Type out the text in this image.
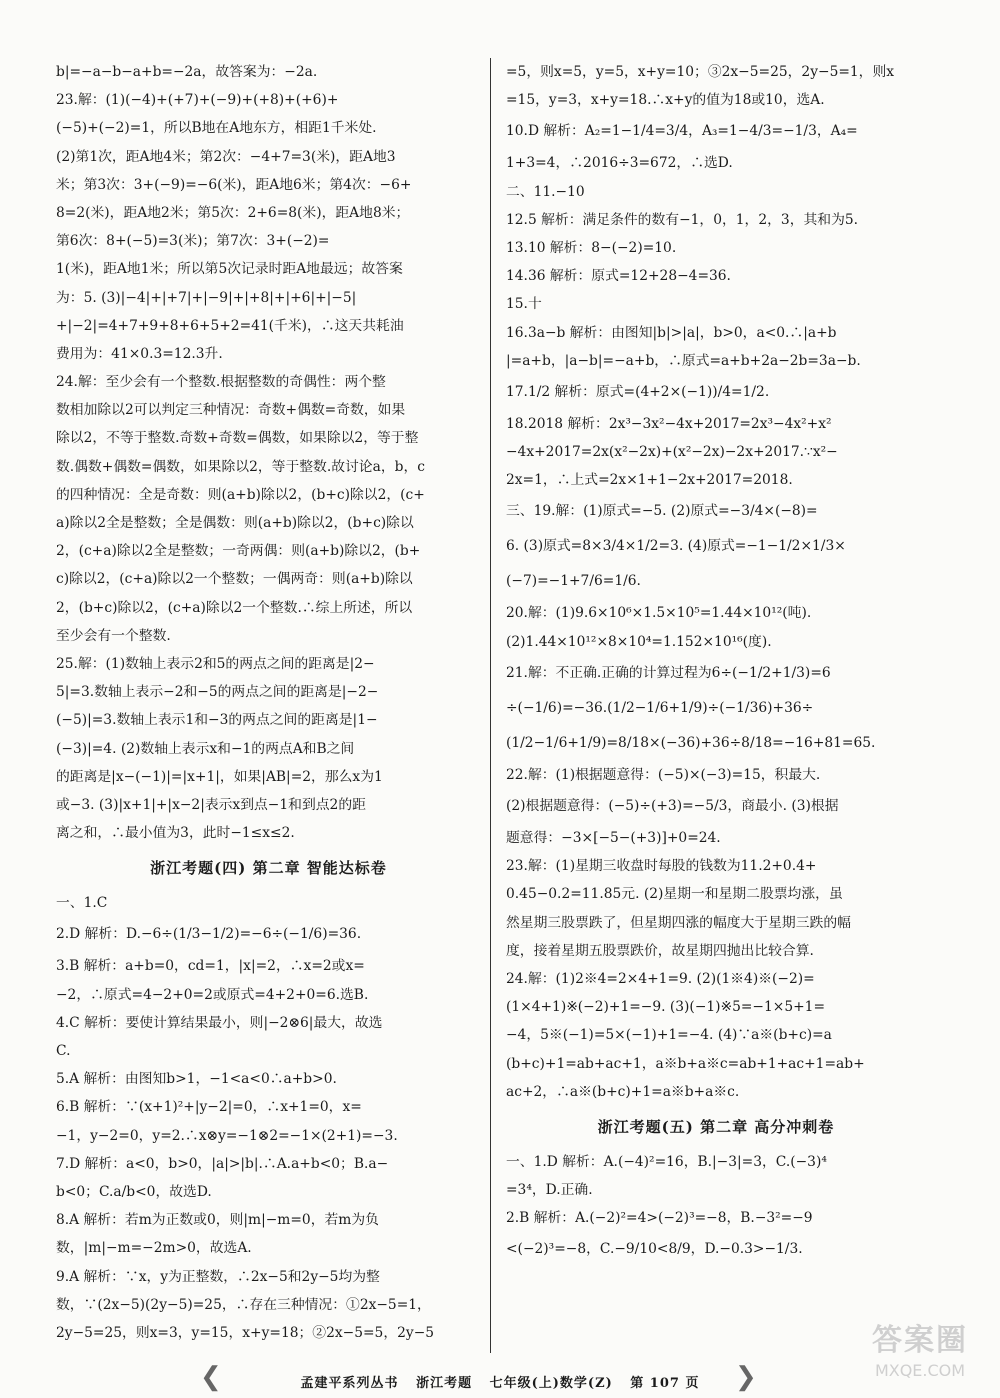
b|=−a−b−a+b=−2a，故答案为：−2a.
23.解：(1)(−4)+(+7)+(−9)+(+8)+(+6)+
(−5)+(−2)=1，所以B地在A地东方，相距1千米处.
(2)第1次，距A地4米；第2次：−4+7=3(米)，距A地3
米；第3次：3+(−9)=−6(米)，距A地6米；第4次：−6+
8=2(米)，距A地2米；第5次：2+6=8(米)，距A地8米；
第6次：8+(−5)=3(米)；第7次：3+(−2)=
1(米)，距A地1米；所以第5次记录时距A地最远；故答案
为：5. (3)|−4|+|+7|+|−9|+|+8|+|+6|+|−5|
+|−2|=4+7+9+8+6+5+2=41(千米)，∴这天共耗油
费用为：41×0.3=12.3升.
24.解：至少会有一个整数.根据整数的奇偶性：两个整
数相加除以2可以判定三种情况：奇数+偶数=奇数，如果
除以2，不等于整数.奇数+奇数=偶数，如果除以2，等于整
数.偶数+偶数=偶数，如果除以2，等于整数.故讨论a，b，c
的四种情况：全是奇数：则(a+b)除以2，(b+c)除以2，(c+
a)除以2全是整数；全是偶数：则(a+b)除以2，(b+c)除以
2，(c+a)除以2全是整数；一奇两偶：则(a+b)除以2，(b+
c)除以2，(c+a)除以2一个整数；一偶两奇：则(a+b)除以
2，(b+c)除以2，(c+a)除以2一个整数.∴综上所述，所以
至少会有一个整数.
25.解：(1)数轴上表示2和5的两点之间的距离是|2−
5|=3.数轴上表示−2和−5的两点之间的距离是|−2−
(−5)|=3.数轴上表示1和−3的两点之间的距离是|1−
(−3)|=4. (2)数轴上表示x和−1的两点A和B之间
的距离是|x−(−1)|=|x+1|，如果|AB|=2，那么x为1
或−3. (3)|x+1|+|x−2|表示x到点−1和到点2的距
离之和，∴最小值为3，此时−1≤x≤2.
浙江考题(四) 第二章 智能达标卷
一、1.C
2.D 解析：D.−6÷(1/3−1/2)=−6÷(−1/6)=36.
3.B 解析：a+b=0，cd=1，|x|=2，∴x=2或x=
−2，∴原式=4−2+0=2或原式=4+2+0=6.选B.
4.C 解析：要使计算结果最小，则|−2⊗6|最大，故选
C.
5.A 解析：由图知b>1，−1<a<0∴a+b>0.
6.B 解析：∵(x+1)²+|y−2|=0，∴x+1=0，x=
−1，y−2=0，y=2.∴x⊗y=−1⊗2=−1×(2+1)=−3.
7.D 解析：a<0，b>0，|a|>|b|.∴A.a+b<0；B.a−
b<0；C.a/b<0，故选D.
8.A 解析：若m为正数或0，则|m|−m=0，若m为负
数，|m|−m=−2m>0，故选A.
9.A 解析：∵x，y为正整数，∴2x−5和2y−5均为整
数，∵(2x−5)(2y−5)=25，∴存在三种情况：①2x−5=1，
2y−5=25，则x=3，y=15，x+y=18；②2x−5=5，2y−5
=5，则x=5，y=5，x+y=10；③2x−5=25，2y−5=1，则x
=15，y=3，x+y=18.∴x+y的值为18或10，选A.
10.D 解析：A₂=1−1/4=3/4，A₃=1−4/3=−1/3，A₄=
1+3=4，∴2016÷3=672，∴选D.
二、11.−10
12.5 解析：满足条件的数有−1，0，1，2，3，其和为5.
13.10 解析：8−(−2)=10.
14.36 解析：原式=12+28−4=36.
15.十
16.3a−b 解析：由图知|b|>|a|，b>0，a<0.∴|a+b
|=a+b，|a−b|=−a+b，∴原式=a+b+2a−2b=3a−b.
17.1/2 解析：原式=(4+2×(−1))/4=1/2.
18.2018 解析：2x³−3x²−4x+2017=2x³−4x²+x²
−4x+2017=2x(x²−2x)+(x²−2x)−2x+2017.∵x²−
2x=1，∴上式=2x×1+1−2x+2017=2018.
三、19.解：(1)原式=−5. (2)原式=−3/4×(−8)=
6. (3)原式=8×3/4×1/2=3. (4)原式=−1−1/2×1/3×
(−7)=−1+7/6=1/6.
20.解：(1)9.6×10⁶×1.5×10⁵=1.44×10¹²(吨).
(2)1.44×10¹²×8×10⁴=1.152×10¹⁶(度).
21.解：不正确.正确的计算过程为6÷(−1/2+1/3)=6
÷(−1/6)=−36.(1/2−1/6+1/9)÷(−1/36)+36÷
(1/2−1/6+1/9)=8/18×(−36)+36÷8/18=−16+81=65.
22.解：(1)根据题意得：(−5)×(−3)=15，积最大.
(2)根据题意得：(−5)÷(+3)=−5/3，商最小. (3)根据
题意得：−3×[−5−(+3)]+0=24.
23.解：(1)星期三收盘时每股的钱数为11.2+0.4+
0.45−0.2=11.85元. (2)星期一和星期二股票均涨，虽
然星期三股票跌了，但星期四涨的幅度大于星期三跌的幅
度，接着星期五股票跌价，故星期四抛出比较合算.
24.解：(1)2※4=2×4+1=9. (2)(1※4)※(−2)=
(1×4+1)※(−2)+1=−9. (3)(−1)※5=−1×5+1=
−4，5※(−1)=5×(−1)+1=−4. (4)∵a※(b+c)=a
(b+c)+1=ab+ac+1，a※b+a※c=ab+1+ac+1=ab+
ac+2，∴a※(b+c)+1=a※b+a※c.
浙江考题(五) 第二章 高分冲刺卷
一、1.D 解析：A.(−4)²=16，B.|−3|=3，C.(−3)⁴
=3⁴，D.正确.
2.B 解析：A.(−2)²=4>(−2)³=−8，B.−3²=−9
<(−2)³=−8，C.−9/10<8/9，D.−0.3>−1/3.
❮	❯
孟建平系列丛书 浙江考题 七年级(上)数学(Z) 第 107 页
答案圈
MXQE.COM
